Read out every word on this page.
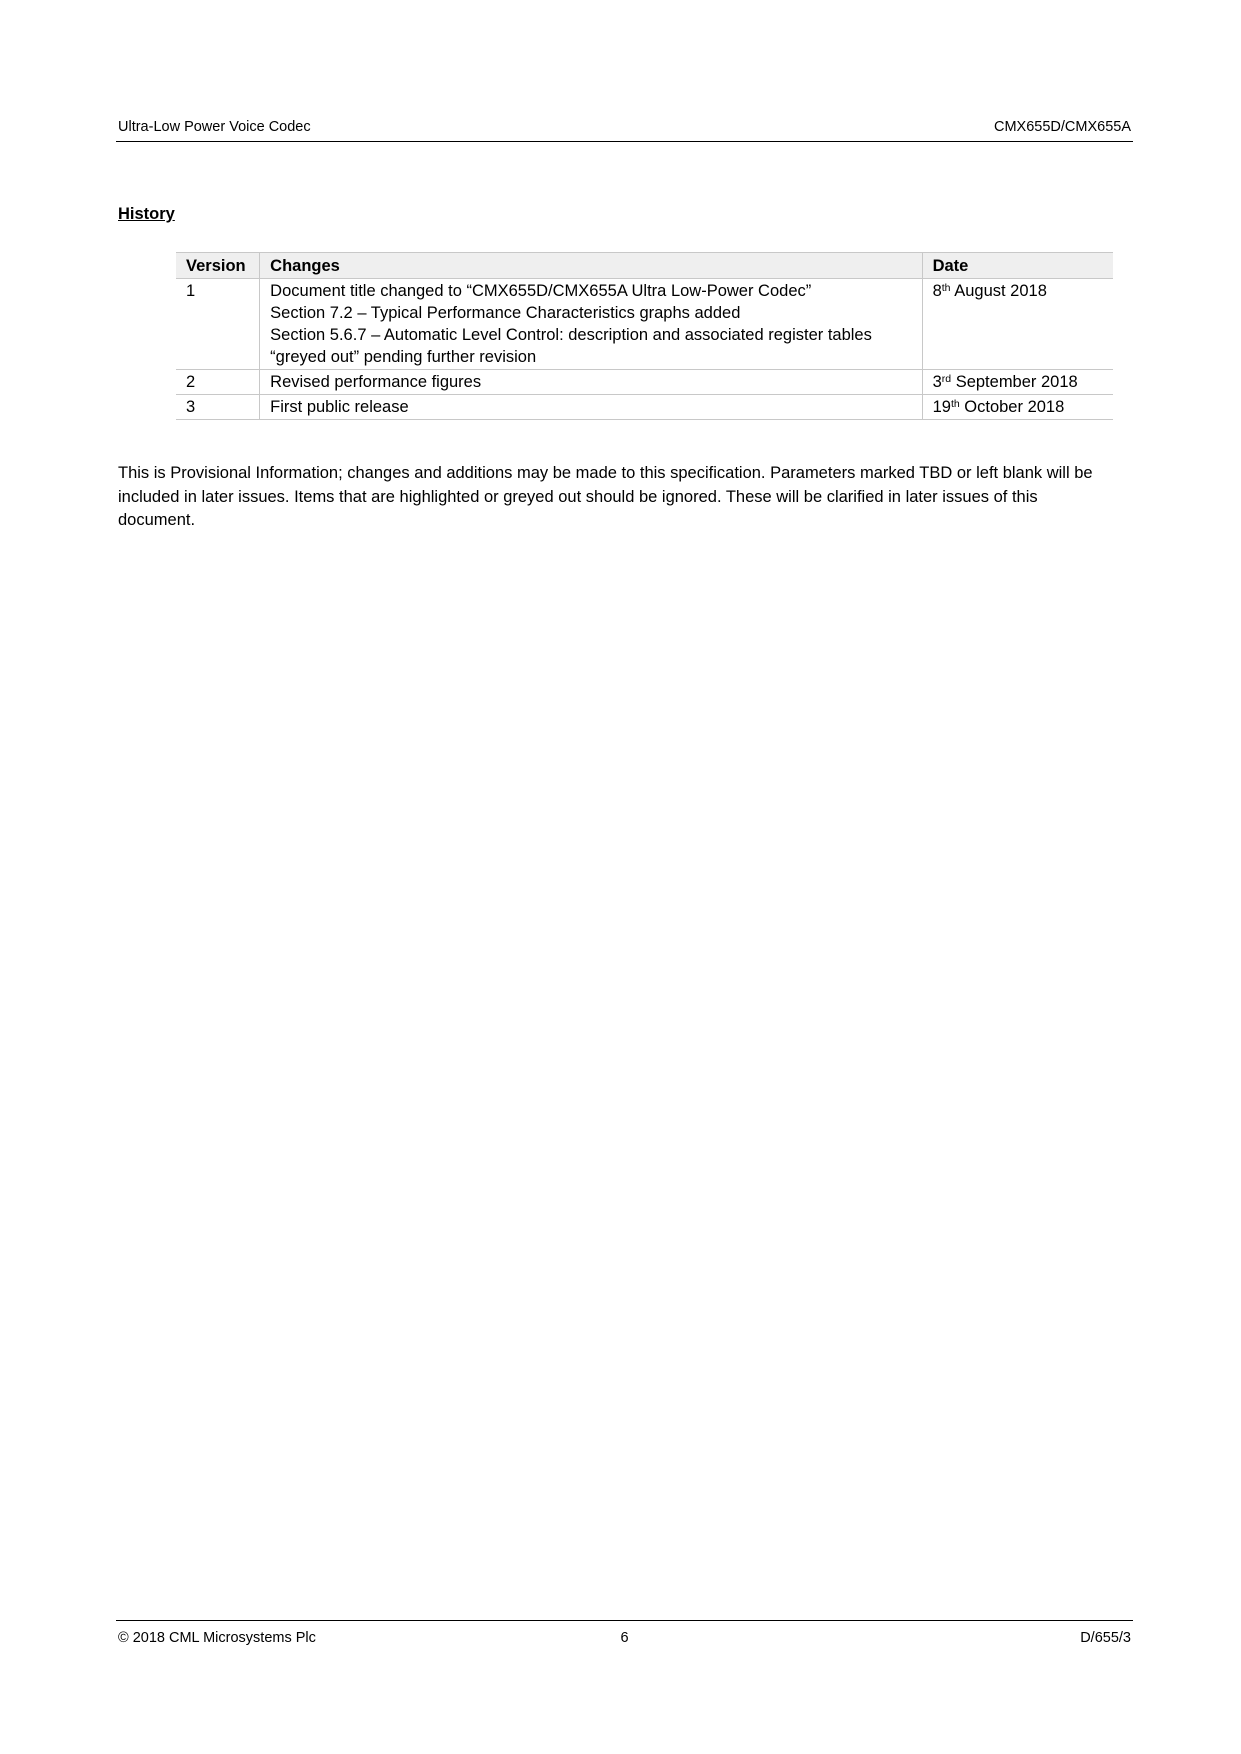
Ultra-Low Power Voice Codec	CMX655D/CMX655A
History
Version	Changes	Date
1	Document title changed to “CMX655D/CMX655A Ultra Low-Power Codec”
Section 7.2 – Typical Performance Characteristics graphs added
Section 5.6.7 – Automatic Level Control: description and associated register tables
“greyed out” pending further revision	8th August 2018
2	Revised performance figures	3rd September 2018
3	First public release	19th October 2018
This is Provisional Information; changes and additions may be made to this specification. Parameters marked TBD or left blank will be included in later issues. Items that are highlighted or greyed out should be ignored. These will be clarified in later issues of this document.
© 2018 CML Microsystems Plc	6	D/655/3
